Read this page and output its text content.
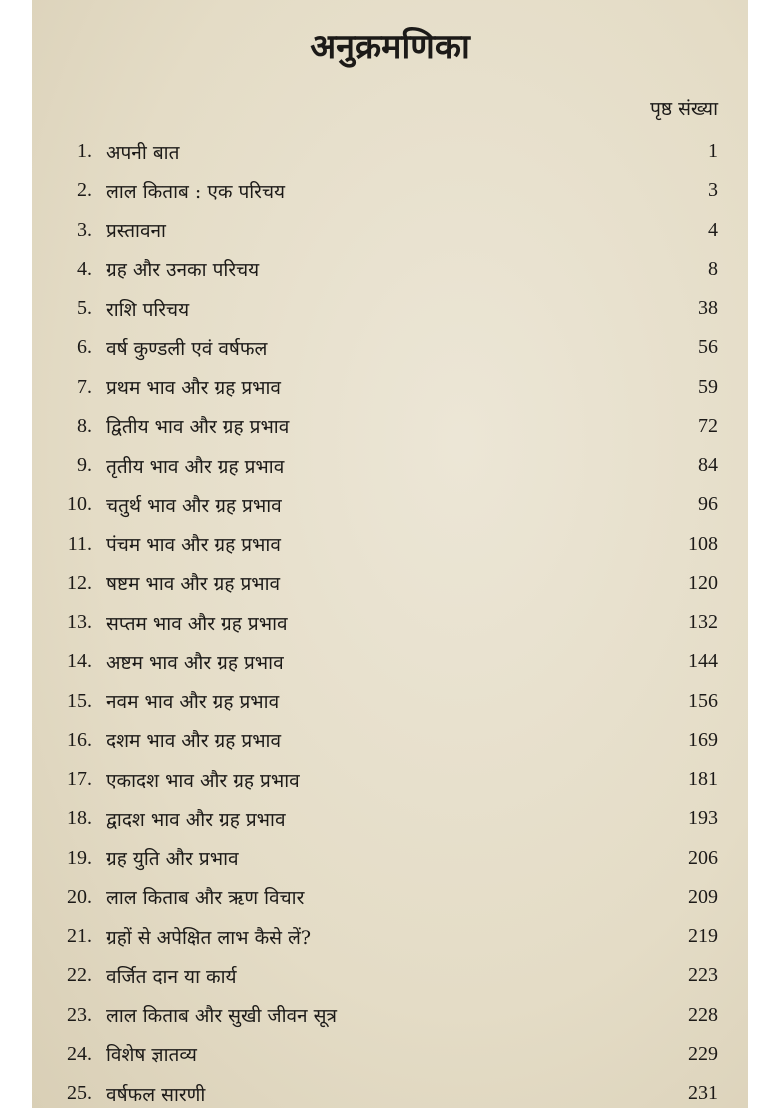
अनुक्रमणिका
पृष्ठ संख्या
1. अपनी बात	1
2. लाल किताब : एक परिचय	3
3. प्रस्तावना	4
4. ग्रह और उनका परिचय	8
5. राशि परिचय	38
6. वर्ष कुण्डली एवं वर्षफल	56
7. प्रथम भाव और ग्रह प्रभाव	59
8. द्वितीय भाव और ग्रह प्रभाव	72
9. तृतीय भाव और ग्रह प्रभाव	84
10. चतुर्थ भाव और ग्रह प्रभाव	96
11. पंचम भाव और ग्रह प्रभाव	108
12. षष्टम भाव और ग्रह प्रभाव	120
13. सप्तम भाव और ग्रह प्रभाव	132
14. अष्टम भाव और ग्रह प्रभाव	144
15. नवम भाव और ग्रह प्रभाव	156
16. दशम भाव और ग्रह प्रभाव	169
17. एकादश भाव और ग्रह प्रभाव	181
18. द्वादश भाव और ग्रह प्रभाव	193
19. ग्रह युति और प्रभाव	206
20. लाल किताब और ऋण विचार	209
21. ग्रहों से अपेक्षित लाभ कैसे लें?	219
22. वर्जित दान या कार्य	223
23. लाल किताब और सुखी जीवन सूत्र	228
24. विशेष ज्ञातव्य	229
25. वर्षफल सारणी	231
